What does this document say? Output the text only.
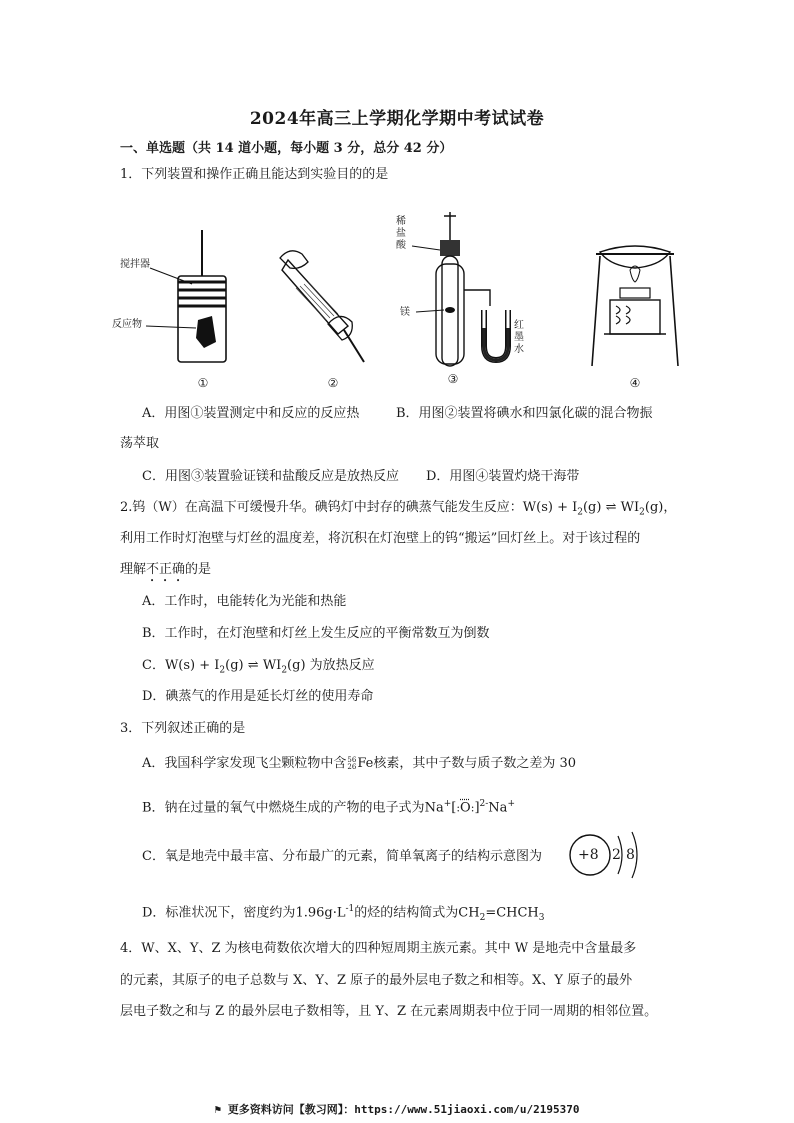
2024年高三上学期化学期中考试试卷
一、单选题（共 14 道小题，每小题 3 分，总分 42 分）
1．下列装置和操作正确且能达到实验目的的是
搅拌器
反应物
①	②
稀
盐
酸
镁
红
墨
水
③	④
A．用图①装置测定中和反应的反应热	B．用图②装置将碘水和四氯化碳的混合物振
荡萃取
C．用图③装置验证镁和盐酸反应是放热反应 D．用图④装置灼烧干海带
2.钨（W）在高温下可缓慢升华。碘钨灯中封存的碘蒸气能发生反应：$W(s) + I_2(g)$ ⇌ $WI_2(g)$，
利用工作时灯泡壁与灯丝的温度差，将沉积在灯泡壁上的钨“搬运”回灯丝上。对于该过程的
理解不正确的是
A．工作时，电能转化为光能和热能
B．工作时，在灯泡壁和灯丝上发生反应的平衡常数互为倒数
C．$W(s) + I_2(g)$ ⇌ $WI_2(g)$ 为放热反应
D．碘蒸气的作用是延长灯丝的使用寿命
3．下列叙述正确的是
A．我国科学家发现飞尘颗粒物中含56
26Fe核素，其中子数与质子数之差为 30
B．钠在过量的氧气中燃烧生成的产物的电子式为Na+[:O:]$^{2-}$Na+
C．氧是地壳中最丰富、分布最广的元素，简单氧离子的结构示意图为	+8 2 8
D．标准状况下，密度约为$1.96g\cdot L^{-1}$的烃的结构简式为$CH_2=CHCH_3$
4．W、X、Y、Z 为核电荷数依次增大的四种短周期主族元素。其中 W 是地壳中含量最多
的元素，其原子的电子总数与 X、Y、Z 原子的最外层电子数之和相等。X、Y 原子的最外
层电子数之和与 Z 的最外层电子数相等，且 Y、Z 在元素周期表中位于同一周期的相邻位置。
⚑ 更多资料访问【教习网】：https://www.51jiaoxi.com/u/2195370
